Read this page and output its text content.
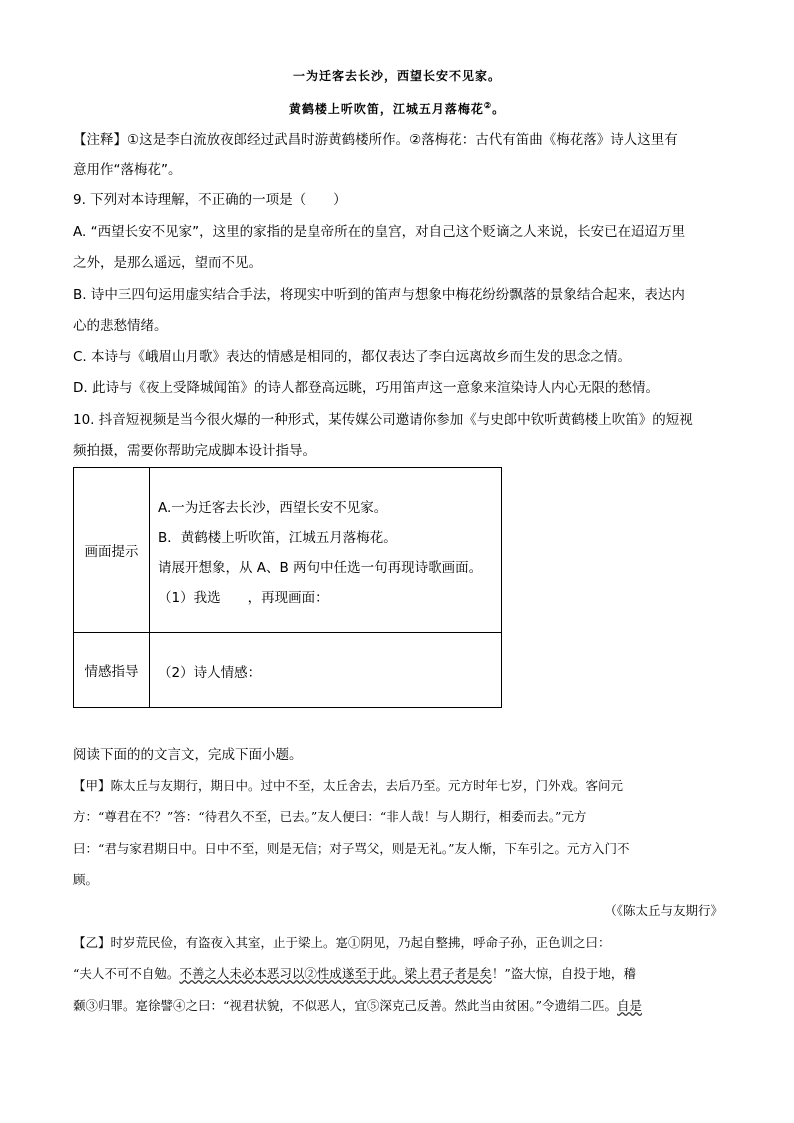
一为迁客去长沙，西望长安不见家。
黄鹤楼上听吹笛，江城五月落梅花②。
【注释】①这是李白流放夜郎经过武昌时游黄鹤楼所作。②落梅花：古代有笛曲《梅花落》诗人这里有
意用作“落梅花”。
9. 下列对本诗理解，不正确的一项是（　　）
A. “西望长安不见家”，这里的家指的是皇帝所在的皇宫，对自己这个贬谪之人来说，长安已在迢迢万里
之外，是那么遥远，望而不见。
B. 诗中三四句运用虚实结合手法，将现实中听到的笛声与想象中梅花纷纷飘落的景象结合起来，表达内
心的悲愁情绪。
C. 本诗与《峨眉山月歌》表达的情感是相同的，都仅表达了李白远离故乡而生发的思念之情。
D. 此诗与《夜上受降城闻笛》的诗人都登高远眺，巧用笛声这一意象来渲染诗人内心无限的愁情。
10. 抖音短视频是当今很火爆的一种形式，某传媒公司邀请你参加《与史郎中钦听黄鹤楼上吹笛》的短视
频拍摄，需要你帮助完成脚本设计指导。
画面提示	A.一为迁客去长沙，西望长安不见家。
B．黄鹤楼上听吹笛，江城五月落梅花。
请展开想象，从 A、B 两句中任选一句再现诗歌画面。
（1）我选　　，再现画面：

情感指导	（2）诗人情感：
阅读下面的的文言文，完成下面小题。
【甲】陈太丘与友期行，期日中。过中不至，太丘舍去，去后乃至。元方时年七岁，门外戏。客问元
方：“尊君在不？”答：“待君久不至，已去。”友人便曰：“非人哉！与人期行，相委而去。”元方
曰：“君与家君期日中。日中不至，则是无信；对子骂父，则是无礼。”友人惭，下车引之。元方入门不
顾。
（《陈太丘与友期行》
【乙】时岁荒民俭，有盗夜入其室，止于梁上。寔①阴见，乃起自整拂，呼命子孙，正色训之曰：
“夫人不可不自勉。不善之人未必本恶习以②性成遂至于此。梁上君子者是矣！”盗大惊，自投于地，稽
颡③归罪。寔徐譬④之曰：“视君状貌，不似恶人，宜⑤深克己反善。然此当由贫困。”令遗绢二匹。自是
